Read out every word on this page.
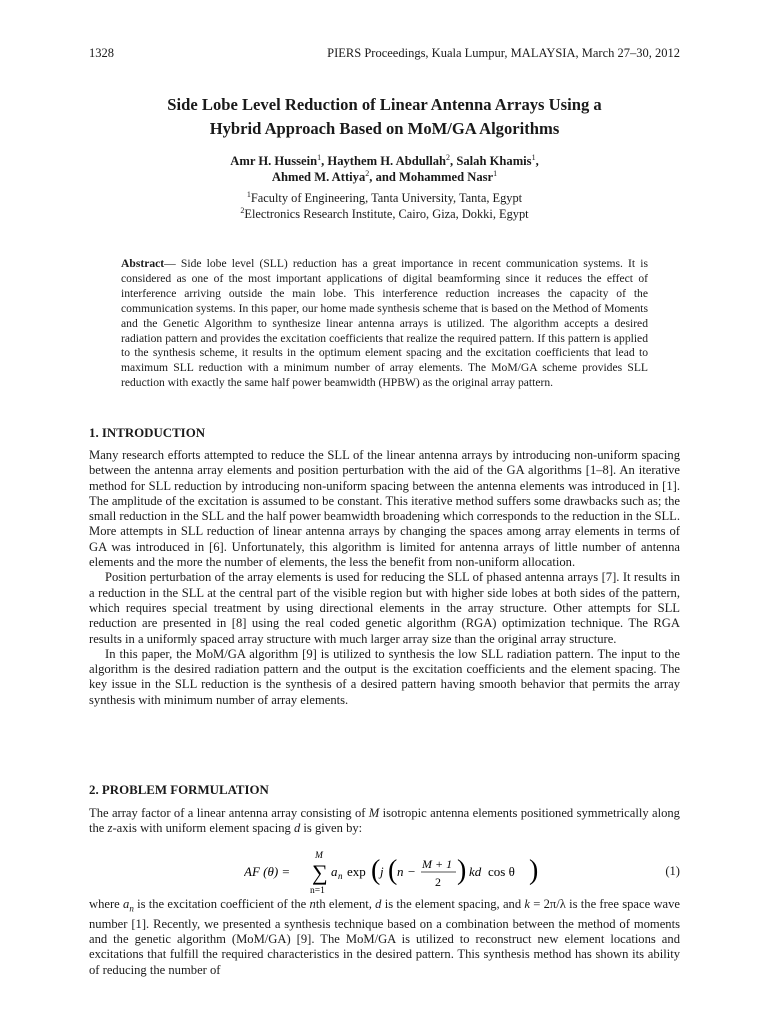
1328	PIERS Proceedings, Kuala Lumpur, MALAYSIA, March 27–30, 2012
Side Lobe Level Reduction of Linear Antenna Arrays Using a
Hybrid Approach Based on MoM/GA Algorithms
Amr H. Hussein$^1$, Haythem H. Abdullah$^2$, Salah Khamis$^1$,
Ahmed M. Attiya$^2$, and Mohammed Nasr$^1$
$^1$Faculty of Engineering, Tanta University, Tanta, Egypt
$^2$Electronics Research Institute, Cairo, Giza, Dokki, Egypt
Abstract— Side lobe level (SLL) reduction has a great importance in recent communication systems. It is considered as one of the most important applications of digital beamforming since it reduces the effect of interference arriving outside the main lobe. This interference reduction increases the capacity of the communication systems. In this paper, our home made synthesis scheme that is based on the Method of Moments and the Genetic Algorithm to synthesize linear antenna arrays is utilized. The algorithm accepts a desired radiation pattern and provides the excitation coefficients that realize the required pattern. If this pattern is applied to the synthesis scheme, it results in the optimum element spacing and the excitation coefficients that lead to maximum SLL reduction with a minimum number of array elements. The MoM/GA scheme provides SLL reduction with exactly the same half power beamwidth (HPBW) as the original array pattern.
1. INTRODUCTION

Many research efforts attempted to reduce the SLL of the linear antenna arrays by introducing non-uniform spacing between the antenna array elements and position perturbation with the aid of the GA algorithms [1–8]. An iterative method for SLL reduction by introducing non-uniform spacing between the antenna elements was introduced in [1]. The amplitude of the excitation is assumed to be constant. This iterative method suffers some drawbacks such as; the small reduction in the SLL and the half power beamwidth broadening which corresponds to the reduction in the SLL. More attempts in SLL reduction of linear antenna arrays by changing the spaces among array elements in terms of GA was introduced in [6]. Unfortunately, this algorithm is limited for antenna arrays of little number of antenna elements and the more the number of elements, the less the benefit from non-uniform allocation.

Position perturbation of the array elements is used for reducing the SLL of phased antenna arrays [7]. It results in a reduction in the SLL at the central part of the visible region but with higher side lobes at both sides of the pattern, which requires special treatment by using directional elements in the array structure. Other attempts for SLL reduction are presented in [8] using the real coded genetic algorithm (RGA) optimization technique. The RGA results in a uniformly spaced array structure with much larger array size than the original array structure.

In this paper, the MoM/GA algorithm [9] is utilized to synthesis the low SLL radiation pattern. The input to the algorithm is the desired radiation pattern and the output is the excitation coefficients and the element spacing. The key issue in the SLL reduction is the synthesis of a desired pattern having smooth behavior that permits the array synthesis with minimum number of array elements.

2. PROBLEM FORMULATION

The array factor of a linear antenna array consisting of M isotropic antenna elements positioned symmetrically along the z-axis with uniform element spacing d is given by:

AF (θ) =
M
∑
n=1
a n exp ( j ( n − M + 1
2 ) kd cos θ )	(1)

where $a_n$ is the excitation coefficient of the nth element, d is the element spacing, and k = 2π/λ is the free space wave number [1]. Recently, we presented a synthesis technique based on a combination between the method of moments and the genetic algorithm (MoM/GA) [9]. The MoM/GA is utilized to reconstruct new element locations and excitations that fulfill the required characteristics in the desired pattern. This synthesis method has shown its ability of reducing the number of
